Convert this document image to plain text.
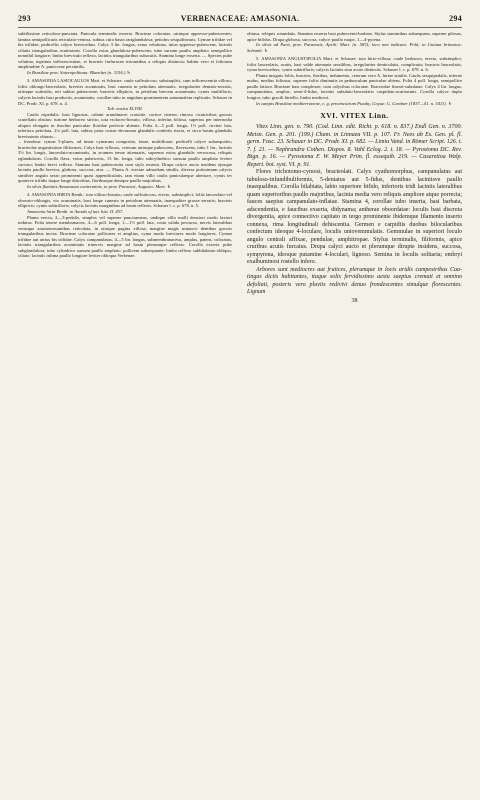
293	VERBENACEAE: AMASONIA.	294

subtilissime reticuloso-punctata. Panicula terminalis exserta. Bracteae coloratae, utrinque appresso-pubescentes; lamina semipollicaris reticulato-venosa, subtus citra basin rariglandulosa; petiolus sesquilinearis. Cymae trifidae vel bis trifidae, pedicellis calyce breviorihus. Calyx 3 lin. longus, extus velutinus, intus appresso-pubescens, laciniis ciliatis triangularibus acutissimis. Corolla extus glandulosa-pubescens; tubo sursum paullo ampliato semipollice nonnihil longiore; limbo breviculo reflexo, laciniis triangularibus subacutis. Stamina longe exserta. — Species pube velutina, inprimis inflorescentiae, et bracteis furfuraceo micantibus a reliquis distincta; habitu vero et foliorum amplitudine A. punicceae persimilis.

In Brasiliae prov. Soteropolitana: Blanchet (n. 3156.) ♄

3. AMASONIA LASIOCAULOS Mart. et Schauer: caule suffruticoso, subsimplici, cum inflorescentia villoso; foliis oblongo-lanceolatis, breviter acuminatis, basi cuneata in petiolum attenuatis, irregulariter dentato-serratis, utrinque scabridis, reti subtus pubescente; bracteis ellipticis, in petiolum brevem acuminatis; cymis multifloris; calycis laciniis basi productis, acuminatis; corollae tubo in angulum prominentem autumnalem replicatis. Schauer in DC. Prodr. XI. p. 678. n. 4.

Tab. nostra XLVIII.

Caulis tripedalis: basi lignosus, calami arundinacei crassitie, cortice cinereo rimoso cicatricibus grossis scutellatis obsitus: turione herbaceo stricto, tota violaceo-hirsuto, villoso, inferius foliosa, superius per internodia aliquot elongata in rhachin paniculae floridae perfecte abiente. Folia 4—5 poll. longa, 1½ poll. circiter lata, inferiora petiolata, 2¼ poll. lata, subtus juxta costae decursum glandulis confertis tincta, et circa basim glandulis brevissimis obtusis...

... frondosa: cymae 5-plures, ad instar cymarum composite, laxae, multiflorae; pedicelli calyce subaequales; bracteolae angustissime filiformes; Calyx basi villosus, ceterum utrinque pubescens, flavescens, tubo 1 lin., laciniis 3½ lin. longis, lanceolato-acuminatis, in acumen tenue attenuatis, suprema extus glandulis verrucosa, reliquis eglandulosis. Corolla flava, extus pubescens, 13 lin. longa, tubo subcylindrico sursum paullo ampliato leviter curvato; limbo brevi reflexo. Stamina basi pubescentia cum stylo exserta. Drupa calyce aucto insidens ejusque laciniis paullo brevior, globosa, succosa, atra. — Planta A. erectae admodum similis, diversa potissimum calycis similiter angulo sexto prominenti quasi appendiculatis, tam etiam villo caulis paniculaeque uberiore, cymis ter quaterve trifidis itaque longe ditioribus, floribusque denique paullo majoribus.

In silvis fluminis Amazonum conterminis, in prov. Paraensi, Augusto: Mart. ♄

4. AMASONIA HIRTA Benth.: tota villoso-hirsuta; caule suffruticoso, erecto, subsimplici; foliis lanceolato-vel obovato-oblongis, vix acuminatis, basi longe cuneata in petiolum attenuatis, inaequaliter grosse serratis; bracteis ellipticis; cymis subtrifloris; calycis laciniis marginibus ad basin reflexis. Schauer l. c. p. 678. n. 5.

Amasonia hirta Benth. in Annals of nat. hist. II. 457.

Planta erecta, 2—3-pedalis, simplex vel superne paucirameus, undique villo molli densiori modo laxiori indutus. Folia tenere membranacea, 4—6 poll. longa, 1—1½ poll. lata, costa valida percursa, nervis lateralibus venisque anastomosantibus reticulata, in utraque pagina villosa, margine magis minusve dentibus grossis triangularibus incisa. Bracteae coloratae pollicares et amplius, cyma modo breviores modo longiores. Cymae trifidae aut rarius bis trifidae. Calyx campanulatus, 4—5 lin. longus, submembranaceus, amplus, patens, coloratus, laciniis triangularibus acuminatis trinervis margine ad basin plerumque reflexis. Corolla exserta pube subglandulosa; tubo cylindrico sursum paullo ampliato, pollicem subaequante; limbo reflexo subbilabiato-obliquo, ciliato: laciniis infima paullo longiore leviter obloqua Verbenae.

obtusa, reliquis rotundatis. Stamina exserta basi pubescenti-barbata. Stylus staminibus subaequans, superne pilosus, apice bifidus. Drupa globosa, succosa, calyce paullo major, 1—4-pyrena.

In silvis ad Pará, prov. Paraensis, Aprili: Mart. (n. 583); loco non indicato: Pohl; in Guiana britanica: Schomb. ♄

5. AMASONIA ANGUSTIFOLIA Mart. et Schauer: tota hirto-villosa; caule herbaceo, erecto, subsimplici; foliis lanceolatis, acutis, basi valde attenuata sessilibus, irregulariter denticulatis, complicatis; bracteis lanceolatis, cyma brevioribus; cymis subtrifloris; calycis laciniis sinu acuto distinctis. Schauer l. c. p. 678. n. 6.

Planta insignis foliis, bracteis, floribus, indumento, ceterum vero A. hirtae similis. Caulis sesquipedalis, inferne nudus, medius foliosus, superne foliis diminutis in pedunculum paniculae abiens. Folia 4 poll. longa, semipollice paullo latiora. Bracteae basi complexae, cum calycibus coloratae. Bracteolae lineari-subulatae. Calyx 4 lin. longus, campanulatus, amplus, semi-4-fidus, laciniis subulato-lanceolatis cuspidato-acutissimis. Corolla calyce duplo longior, tubo gracili hirtello, limbo mediocri.

In campis Brasiliae mediterraneae, e. g. provinciarum Piauhy, Goyaz: G. Gardner (1837—41. n. 3411). ♄

XVI. VITEX Linn.

Vitex Linn. gen. n. 790. (Cod. Linn. edit. Richt. p. 618. n. 837.) Endl Gen. n. 3700. Meisn. Gen. p. 201. (199.) Cham. in Linnaea VII. p. 107. Fr. Nees ab Es. Gen. pl. fl. germ. Fasc. 23. Schauer in DC. Prodr. XI. p. 682. — Limia Vand. in Römer Script. 126. t. 7. f. 21. — Nephrandra Cothen. Dispos. 8. Vahl Eclog. 2. t. 18. — Pyrostoma DC. Rev. Bign. p. 16. — Pyrostoma F. W. Meyer Prim. fl. essequib. 219. — Casarettoa Walp. Repert. bot. syst. VI. p. 91.

Flores trichotomo-cymosi, bracteolati. Calyx cyathomorphus, campanulatus aut tubuloso-infundibuliformis, 5-dentatus aut 5-fidus, dentibus laciniisve paullo inaequalibus. Corolla bilabiata, labio superiore bifido, inferioris tridi laciniis lateralibus quam superioribus paullo majoribus, lacinia media vero reliquis ampliore atque porrecta; fauces saepius campanulato-inflatae. Stamina 4, corollae tubo inserta, basi barbata, adscendentia, e faucibus exserta, didynama; antherae oboordatae: loculis basi discreta divergentia, apice connectivo capitato in tergo prominente ibidemque filamento inserto connexa, rima longitudinali dehiscentia. Germen e carpidiis duobus bilocularibus confectum ideoque 4-loculare, loculis uniovemmulatis. Gemmulae in superiori loculo angulo centrali affixae, pendulae, amphitropae. Stylus terminalis, filiformis, apice cruribus acutis furcatus. Drupa calyci aucto et plerumque dirupte insidens, succosa, sympyrena, ideoque putamine 4-loculari, lignoso. Semina in loculis solitaria; embryi exalbuminosi rostello infero.

Arbores sunt mediocres aut frutices, plerumque in locis aridis campestribus Caa-tingas dictis habitantes, itaque solis fervidissimo aestu saepius cremati et omnino defoliati, posteris vero pluviis redivivi denuo frondescentes simulque florescentes. Lignum

38
